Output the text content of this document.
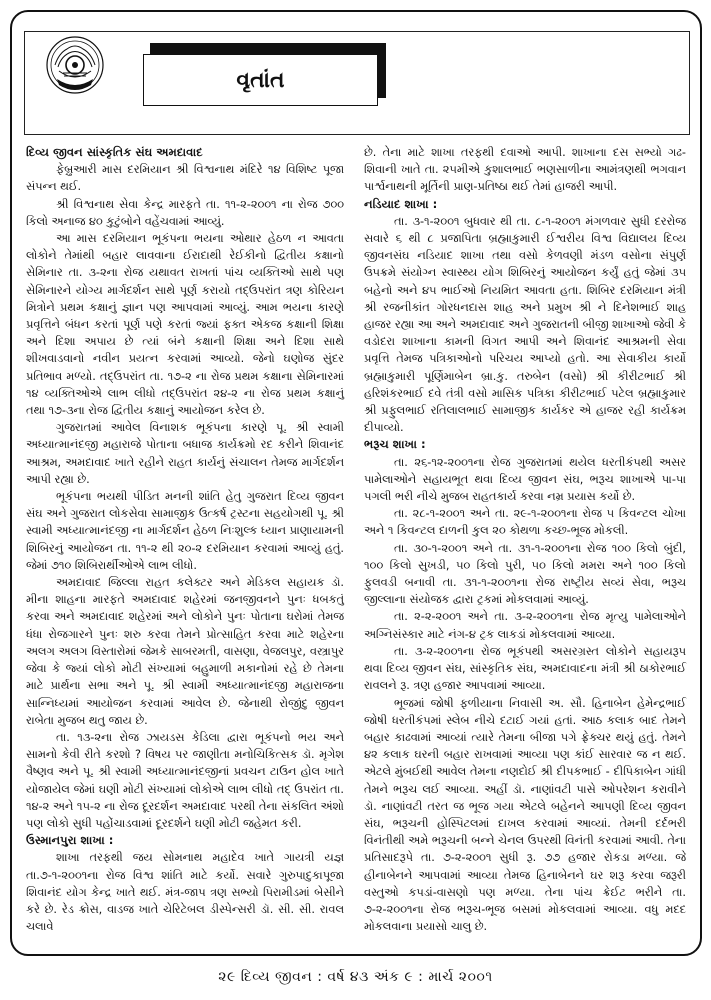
વૃતાંત
દિવ્ય જીવન સાંસ્કૃતિક સંઘ અમદાવાદ

ફેબ્રુઆરી માસ દરમિયાન શ્રી વિશ્વનાથ મંદિરે ૧૪ વિશિષ્ટ પૂજા સંપન્ન થઈ.

શ્રી વિશ્વનાથ સેવા કેન્દ્ર મારફતે તા. ૧૧-૨-૨૦૦૧ ના રોજ ૭૦૦ કિલો અનાજ ૪૦ કુટુંબોને વહેંચવામાં આવ્યું.

આ માસ દરમિયાન ભૂકંપના ભયના ઓથાર હેઠળ ન આવતા લોકોને તેમાંથી બહાર લાવવાના ઈરાદાથી રેઈકીનો દ્વિતીય કક્ષાનો સેમિનાર તા. ૩-૨ના રોજ યથાવત રાખતાં પાંચ વ્યક્તિઓ સાથે પણ સેમિનારને યોગ્ય માર્ગદર્શન સાથે પૂર્ણ કરાયો તદ્ઉપરાંત ત્રણ કોરિયન મિત્રોને પ્રથમ કક્ષાનું જ્ઞાન પણ આપવામાં આવ્યું. આમ ભયના કારણે પ્રવૃત્તિને બંધન કરતાં પૂર્ણ પણે કરતાં જ્યાં ફક્ત એકજ કક્ષાની શિક્ષા અને દિશા અપાય છે ત્યાં બંને કક્ષાની શિક્ષા અને દિશા સાથે શીખવાડવાનો નવીન પ્રયત્ન કરવામાં આવ્યો. જેનો ઘણોજ સુંદર પ્રતિભાવ મળ્યો. તદ્ઉપરાંત તા. ૧૭-૨ ના રોજ પ્રથમ કક્ષાના સેમિનારમાં ૧૪ વ્યક્તિઓએ લાભ લીધો તદ્ઉપરાંત ૨૪-૨ ના રોજ પ્રથમ કક્ષાનું તથા ૧૭-૩ના રોજ દ્વિતીય કક્ષાનું આયોજન કરેલ છે.

ગુજરાતમાં આવેલ વિનાશક ભૂકંપના કારણે પૂ. શ્રી સ્વામી અધ્યાત્માનંદજી મહારાજે પોતાના બધાજ કાર્યક્રમો રદ કરીને શિવાનંદ આશ્રમ, અમદાવાદ ખાતે રહીને રાહત કાર્યનું સંચાલન તેમજ માર્ગદર્શન આપી રહ્યા છે.

ભૂકંપના ભયથી પીડિત મનની શાંતિ હેતુ ગુજરાત દિવ્ય જીવન સંઘ અને ગુજરાત લોકસેવા સામાજીક ઉત્કર્ષ ટ્રસ્ટના સહયોગથી પૂ. શ્રી સ્વામી અધ્યાત્માનંદજી ના માર્ગદર્શન હેઠળ નિઃશુલ્ક ધ્યાન પ્રાણાયામની શિબિરનું આયોજન તા. ૧૧-૨ થી ૨૦-૨ દરમિયાન કરવામાં આવ્યું હતું. જેમાં ૭૧૦ શિબિરાર્થીઓએ લાભ લીધો.

અમદાવાદ જિલ્લા રાહત કલેક્ટર અને મેડિકલ સહાયક ડૉ. મીના શાહના મારફતે અમદાવાદ શહેરમાં જનજીવનને પુનઃ ધબકતું કરવા અને અમદાવાદ શહેરમાં અને લોકોને પુનઃ પોતાના ઘરોમાં તેમજ ધંધા રોજગારને પુનઃ શરુ કરવા તેમને પ્રોત્સાહિત કરવા માટે શહેરના અલગ અલગ વિસ્તારોમાં જેમકે સાબરમતી, વાસણા, વેજલપુર, વસ્ત્રાપુર જેવા કે જ્યાં લોકો મોટી સંખ્યામાં બહુમાળી મકાનોમાં રહે છે તેમના માટે પ્રાર્થના સભા અને પૂ. શ્રી સ્વામી અધ્યાત્માનંદજી મહારાજના સાન્નિધ્યમાં આયોજન કરવામાં આવેલ છે. જેનાથી રોજીંદુ જીવન રાબેતા મુજબ થતુ જાય છે.

તા. ૧૩-૨ના રોજ ઝાયડસ કેડિલા દ્વારા ભૂકંપનો ભય અને સામનો કેવી રીતે કરશો ? વિષય પર જાણીતા મનોચિકિત્સક ડૉ. મૃગેશ વૈષ્ણવ અને પૂ. શ્રી સ્વામી અધ્યાત્માનંદજીનાં પ્રવચન ટાઉન હોલ ખાતે યોજાયેલ જેમાં ઘણી મોટી સંખ્યામાં લોકોએ લાભ લીધો તદ્ ઉપરાંત તા. ૧૪-૨ અને ૧૫-૨ ના રોજ દૂરદર્શન અમદાવાદ પરથી તેના સંકલિત અંશો પણ લોકો સુધી પહોંચાડવામાં દૂરદર્શને ઘણી મોટી જહેમત કરી.

ઉસ્માનપુરા શાખા :

શાખા તરફથી જય સોમનાથ મહાદેવ ખાતે ગાયત્રી યજ્ઞ તા.૭-૧-૨૦૦૧ના રોજ વિશ્વ શાંતિ માટે કર્યો. સવારે ગુરુપાદુકાપૂજા શિવાનંદ યોગ કેન્દ્ર ખાતે થઈ. મંત્ર-જાપ ત્રણ સભ્યો પિરામીડમાં બેસીને કરે છે. રેડ ક્રોસ, વાડજ ખાતે ચેરિટેબલ ડીસ્પેન્સરી ડૉ. સી. સી. રાવલ ચલાવે

છે. તેના માટે શાખા તરફથી દવાઓ આપી. શાખાના દસ સભ્યો ગઢ-શિવાની ખાતે તા. ૨૫મીએ કુશાલભાઈ ભણસાળીના આમંત્રણથી ભગવાન પાર્શ્વનાથની મૂર્તિની પ્રાણ-પ્રતિષ્ઠા થઈ તેમાં હાજરી આપી.

નડિયાદ શાખા :

તા. ૩-૧-૨૦૦૧ બુધવાર થી તા. ૮-૧-૨૦૦૧ મંગળવાર સુધી દરરોજ સવારે ૬ થી ૮ પ્રજાપિતા બ્રહ્માકુમારી ઈશ્વરીય વિશ્વ વિદ્યાલય દિવ્ય જીવનસંઘ નડિયાદ શાખા તથા વસો કેળવણી મંડળ વસોના સંપુર્ણ ઉપક્રમે સંયોગ્ન સ્વાસ્થ્ય યોગ શિબિરનું આયોજન કર્યું હતું જેમાં ૩૫ બહેનો અને ૪૫ ભાઈઓ નિયમિત આવતા હતા. શિબિર દરમિયાન મંત્રી શ્રી રજનીકાંત ગોરધનદાસ શાહ અને પ્રમુખ શ્રી ને દિનેશભાઈ શાહ હાજર રહ્યા આ અને અમદાવાદ અને ગુજરાતની બીજી શાખાઓ જેવી કે વડોદરા શાખાના કામની વિગત આપી અને શિવાનંદ આશ્રમની સેવા પ્રવૃત્તિ તેમજ પત્રિકાઓનો પરિચય આપ્યો હતો. આ સેવાકીય કાર્યો બ્રહ્માકુમારી પૂર્ણિમાબેન બ્રા.કુ. તરુબેન (વસો) શ્રી કીરીટભાઈ શ્રી હરિશંકરભાઈ દવે તંત્રી વસો માસિક પત્રિકા કીરીટભાઈ પટેલ બ્રહ્માકુમાર શ્રી પ્રફુલભાઈ રતિલાલભાઈ સામાજીક કાર્યકર એ હાજર રહી કાર્યક્રમ દીપાવ્યો.

ભરૂચ શાખા :

તા. ૨૬-૧૨-૨૦૦૧ના રોજ ગુજરાતમાં થયેલ ધરતીકંપથી અસર પામેલાઓને સહાયભૂત થવા દિવ્ય જીવન સંઘ, ભરૂચ શાખાએ પા-પા પગલી ભરી નીચે મુજબ રાહતકાર્ય કરવા નમ્ર પ્રયાસ કર્યો છે.

તા. ૨૮-૧-૨૦૦૧ અને તા. ૨૯-૧-૨૦૦૧ના રોજ ૫ કિવન્ટલ ચોખા અને ૧ કિવન્ટલ દાળની કુલ ૨૦ કોથળા કચ્છ-ભૂજ મોકલી.

તા. ૩૦-૧-૨૦૦૧ અને તા. ૩૧-૧-૨૦૦૧ના રોજ ૧૦૦ કિલો બુંદી, ૧૦૦ કિલો સુખડી, ૫૦ કિલો પુરી, ૫૦ કિલો મમરા અને ૧૦૦ કિલો ફુલવડી બનાવી તા. ૩૧-૧-૨૦૦૧ના રોજ રાષ્ટ્રીય સવ્યં સેવા, ભરૂચ જીલ્લાના સંયોજક દ્વારા ટ્રકમાં મોકલવામાં આવ્યું.

તા. ૨-૨-૨૦૦૧ અને તા. ૩-૨-૨૦૦૧ના રોજ મૃત્યુ પામેલાઓને અગ્નિસંસ્કાર માટે નંગ-૪ ટ્રક લાકડાં મોકલવામાં આવ્યા.

તા. ૩-૨-૨૦૦૧ના રોજ ભૂકંપથી અસરગ્રસ્ત લોકોને સહાયરૂપ થવા દિવ્ય જીવન સંઘ, સાંસ્કૃતિક સંઘ, અમદાવાદના મંત્રી શ્રી ઠાકોરભાઈ રાવલને રૂ. ત્રણ હજાર આપવામાં આવ્યા.

ભૂજમાં જોષી ફળીયાના નિવાસી અ. સૌ. હિનાબેન હેમેન્દ્રભાઈ જોષી ધરતીકંપમાં સ્લેબ નીચે દટાઈ ગયાં હતાં. આઠ કલાક બાદ તેમને બહાર કાઢવામાં આવ્યાં ત્યારે તેમના બીજા પગે ફ્રેક્ચર થયું હતું. તેમને ૪૨ કલાક ઘરની બહાર રાખવામાં આવ્યા પણ કાંઈ સારવાર જ ન થઈ. એટલે મુંબઈથી આવેલ તેમના નણદોઈ શ્રી દીપકભાઈ - દીપિકાબેન ગાંધી તેમને ભરૂચ લઈ આવ્યા. અહીં ડૉ. નાણાંવટી પાસે ઓપરેશન કરાવીને ડૉ. નાણાંવટી તરત જ ભૂજ ગયા એટલે બહેનને આપણી દિવ્ય જીવન સંઘ, ભરૂચની હોસ્પિટલમાં દાખલ કરવામાં આવ્યાં. તેમની દર્દભરી વિનંતીથી અમે ભરૂચની બન્ને ચેનલ ઉપરથી વિનંતી કરવામાં આવી. તેના પ્રતિસાદરૂપે તા. ૭-૨-૨૦૦૧ સુધી રૂ. ૭૭ હજાર રોકડા મળ્યા. જે હીનાબેનને આપવામાં આવ્યા તેમજ હિનાબેનને ઘર શરૂ કરવા જરૂરી વસ્તુઓ કપડાં-વાસણો પણ મળ્યા. તેના પાંચ ક્રેઈટ ભરીને તા. ૭-૨-૨૦૦૧ના રોજ ભરૂચ-ભૂજ બસમાં મોકલવામાં આવ્યા. વધુ મદદ મોકલવાના પ્રયાસો ચાલુ છે.

૨૯ દિવ્ય જીવન : વર્ષ ૪૩ અંક ૯ : માર્ચ ૨૦૦૧
